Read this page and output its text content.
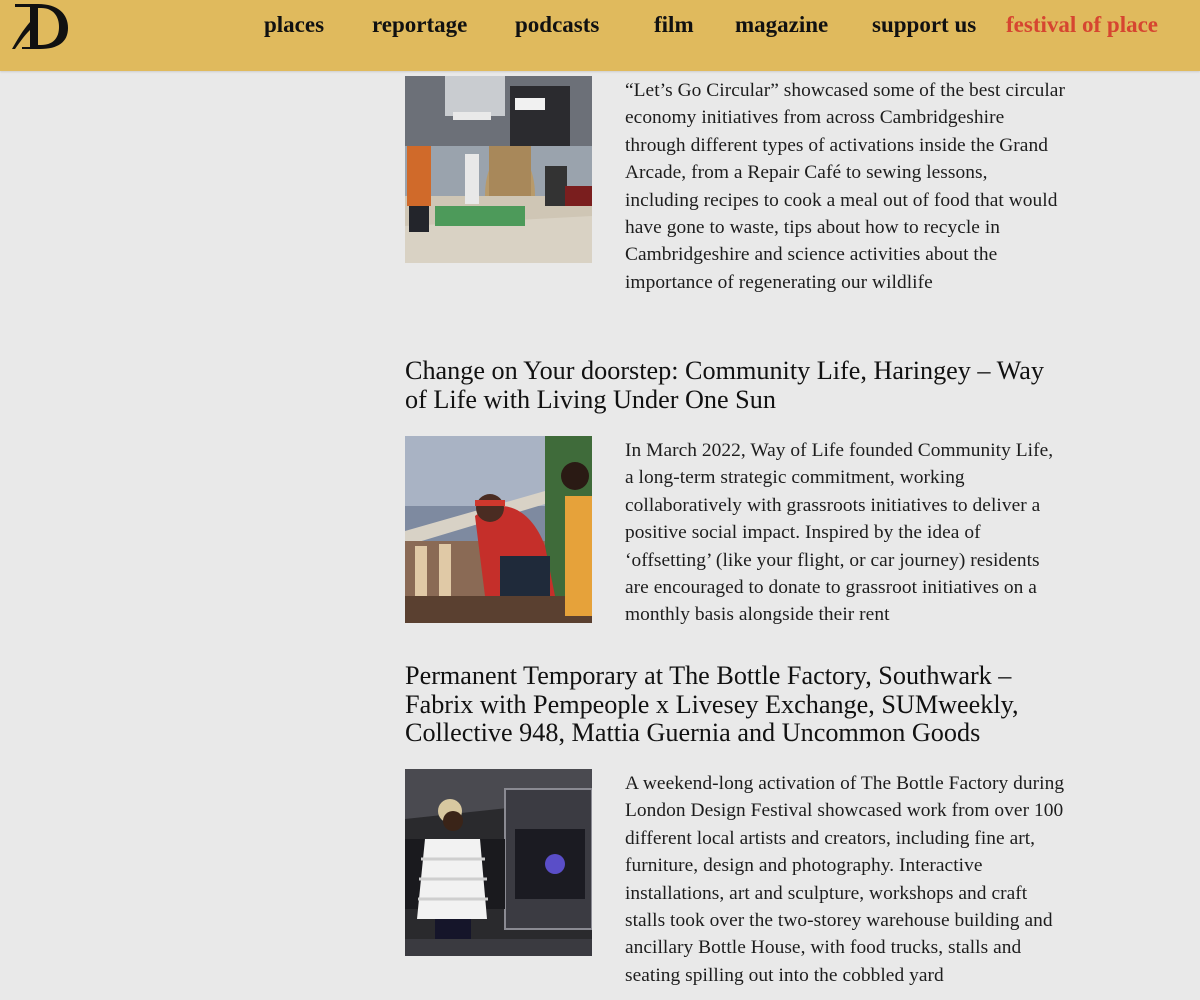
places reportage podcasts film magazine support us festival of place

“Let’s Go Circular” showcased some of the best circular economy initiatives from across Cambridgeshire through different types of activations inside the Grand Arcade, from a Repair Café to sewing lessons, including recipes to cook a meal out of food that would have gone to waste, tips about how to recycle in Cambridgeshire and science activities about the importance of regenerating our wildlife

Change on Your doorstep: Community Life, Haringey – Way of Life with Living Under One Sun

In March 2022, Way of Life founded Community Life, a long-term strategic commitment, working collaboratively with grassroots initiatives to deliver a positive social impact. Inspired by the idea of ‘offsetting’ (like your flight, or car journey) residents are encouraged to donate to grassroot initiatives on a monthly basis alongside their rent

Permanent Temporary at The Bottle Factory, Southwark – Fabrix with Pempeople x Livesey Exchange, SUMweekly, Collective 948, Mattia Guernia and Uncommon Goods

A weekend-long activation of The Bottle Factory during London Design Festival showcased work from over 100 different local artists and creators, including fine art, furniture, design and photography. Interactive installations, art and sculpture, workshops and craft stalls took over the two-storey warehouse building and ancillary Bottle House, with food trucks, stalls and seating spilling out into the cobbled yard
